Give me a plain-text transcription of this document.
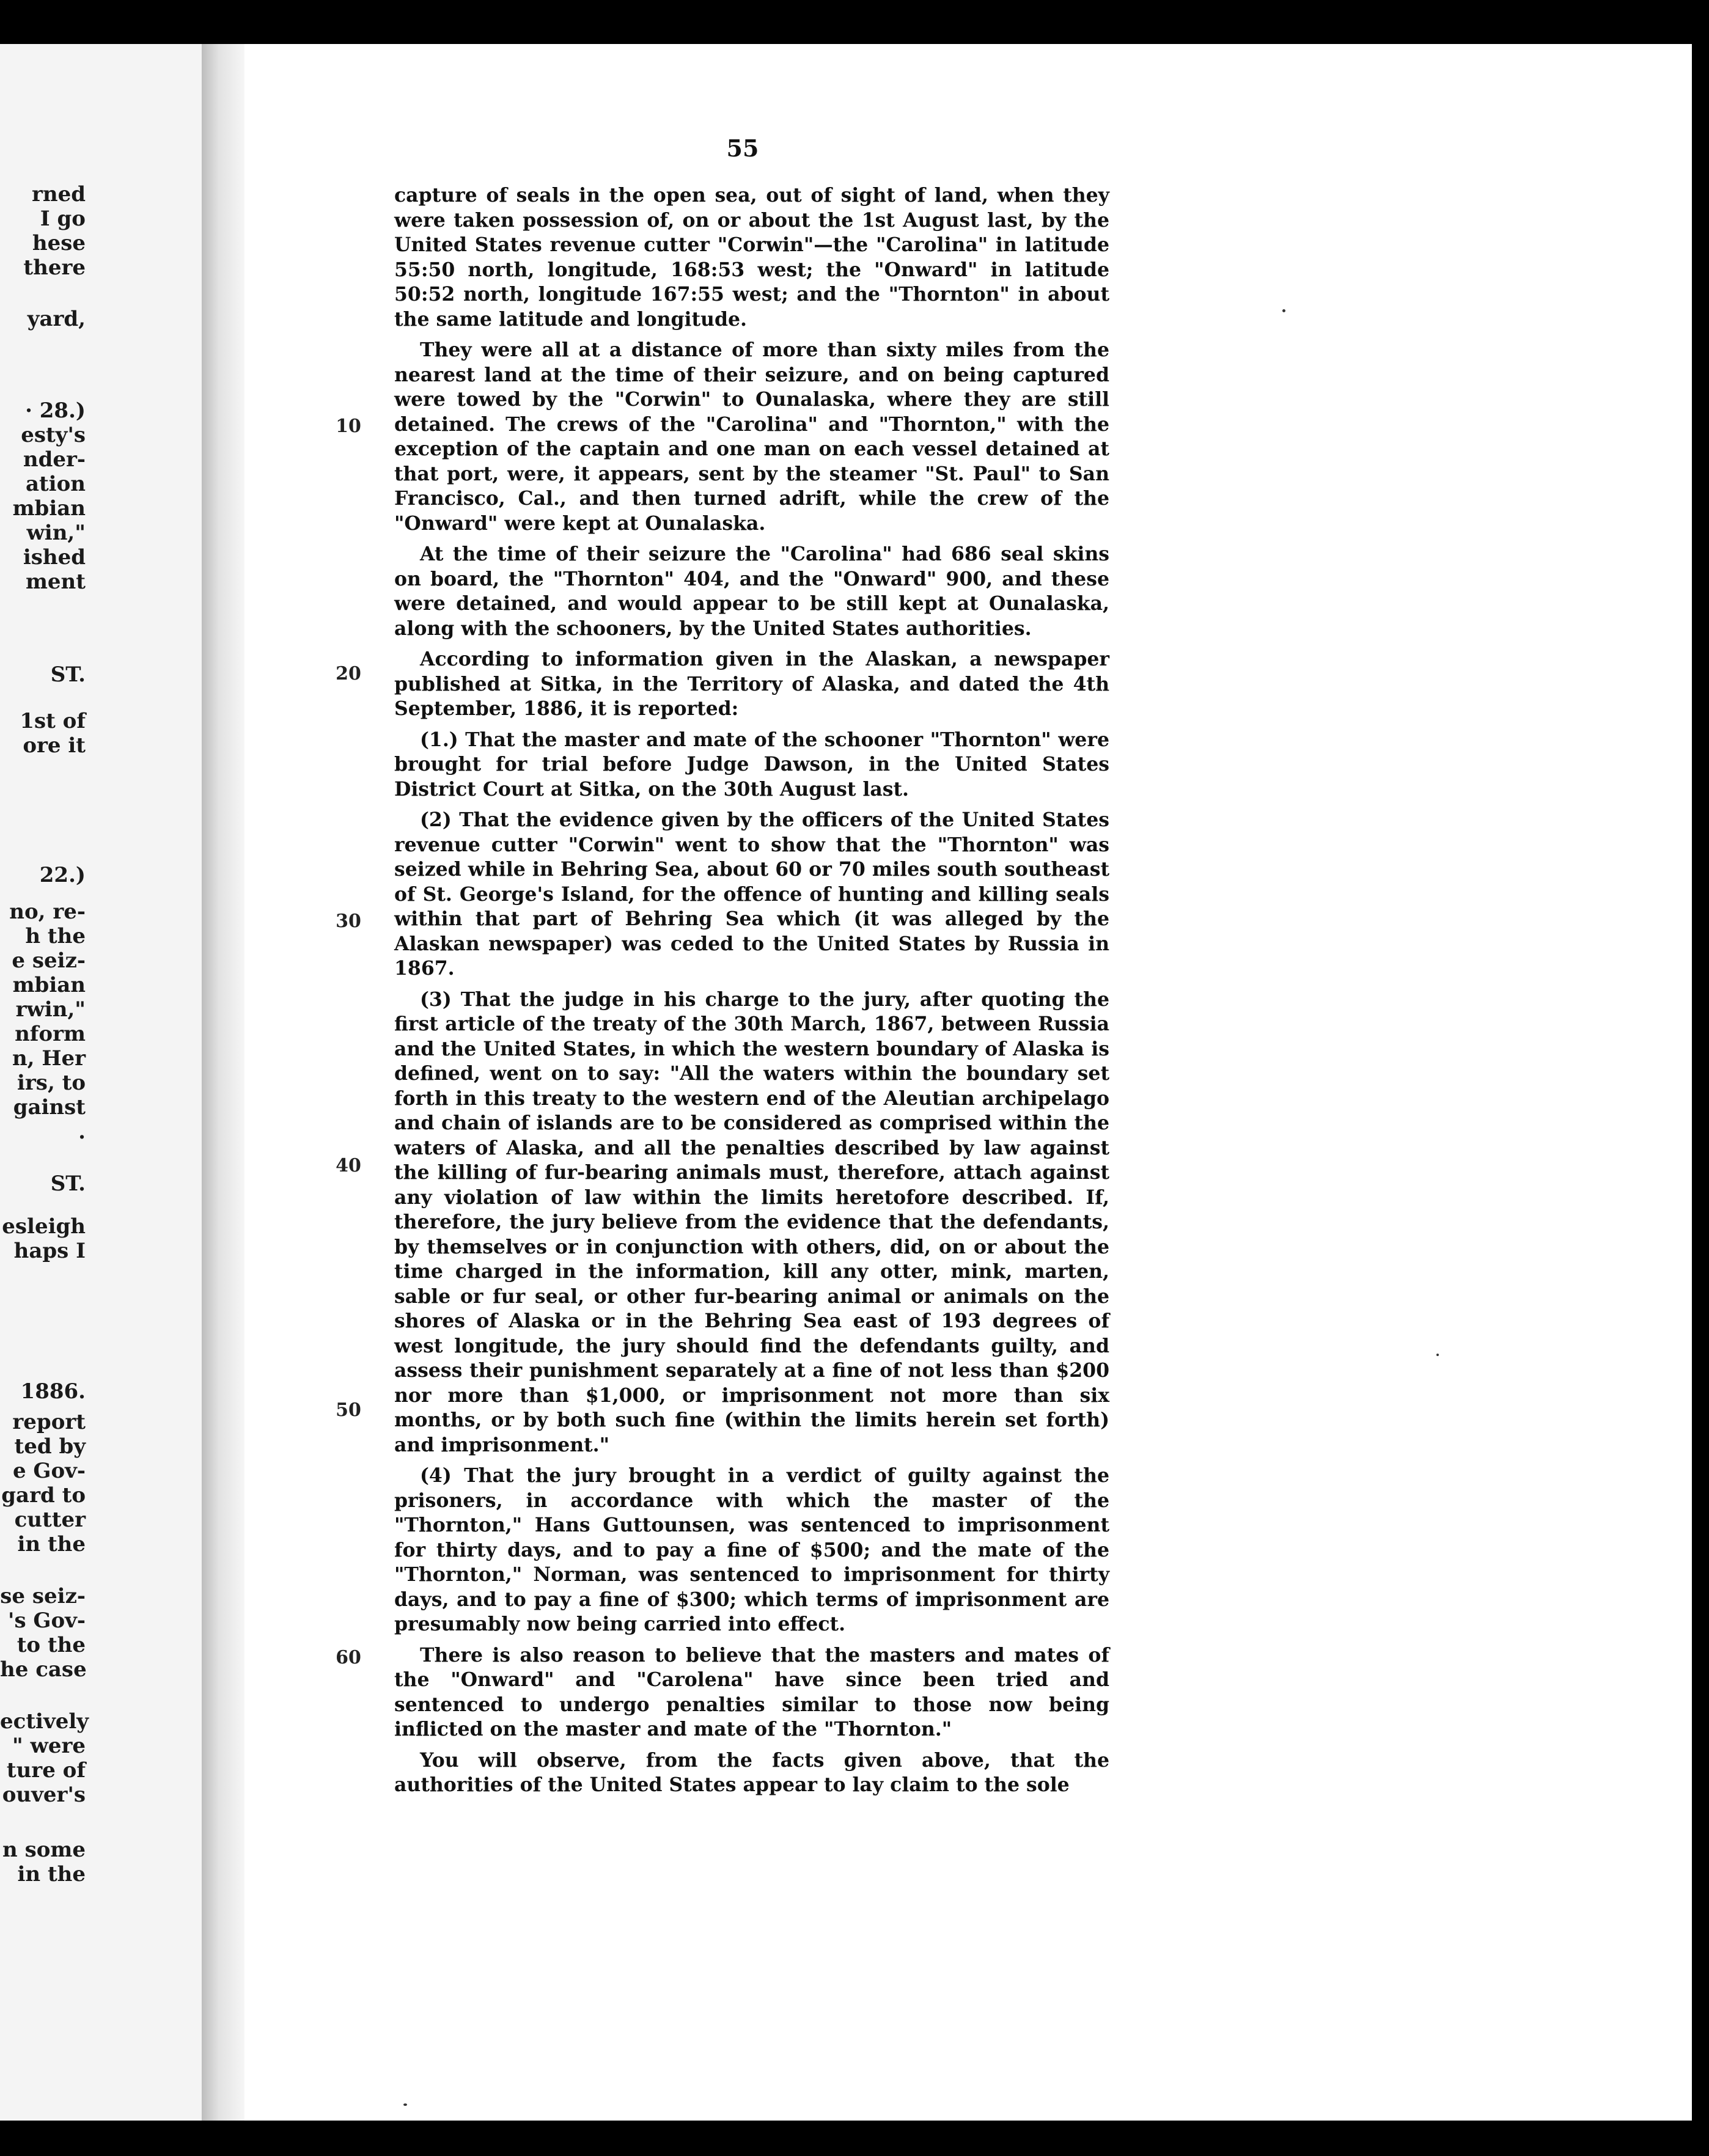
rned
I go
hese
there
yard,
· 28.)
esty's
nder-
ation
mbian
win,"
ished
ment
ST.
1st of
ore it
22.)
no, re-
h the
e seiz-
mbian
rwin,"
nform
n, Her
irs, to
gainst
.
ST.
esleigh
haps I
1886.
report
ted by
e Gov-
gard to
cutter
in the
se seiz-
's Gov-
to the
he case
ectively
" were
ture of
ouver's
n some
in the
55
10
20
30
40
50
60

capture of seals in the open sea, out of sight of land, when they were taken possession of, on or about the 1st August last, by the United States revenue cutter "Corwin"—the "Carolina" in latitude 55:50 north, longitude, 168:53 west; the "Onward" in latitude 50:52 north, longitude 167:55 west; and the "Thornton" in about the same latitude and longitude.

They were all at a distance of more than sixty miles from the nearest land at the time of their seizure, and on being captured were towed by the "Corwin" to Ounalaska, where they are still detained. The crews of the "Carolina" and "Thornton," with the exception of the captain and one man on each vessel detained at that port, were, it appears, sent by the steamer "St. Paul" to San Francisco, Cal., and then turned adrift, while the crew of the "Onward" were kept at Ounalaska.

At the time of their seizure the "Carolina" had 686 seal skins on board, the "Thornton" 404, and the "Onward" 900, and these were detained, and would appear to be still kept at Ounalaska, along with the schooners, by the United States authorities.

According to information given in the Alaskan, a newspaper published at Sitka, in the Territory of Alaska, and dated the 4th September, 1886, it is reported:

(1.) That the master and mate of the schooner "Thornton" were brought for trial before Judge Dawson, in the United States District Court at Sitka, on the 30th August last.

(2) That the evidence given by the officers of the United States revenue cutter "Corwin" went to show that the "Thornton" was seized while in Behring Sea, about 60 or 70 miles south southeast of St. George's Island, for the offence of hunting and killing seals within that part of Behring Sea which (it was alleged by the Alaskan newspaper) was ceded to the United States by Russia in 1867.

(3) That the judge in his charge to the jury, after quoting the first article of the treaty of the 30th March, 1867, between Russia and the United States, in which the western boundary of Alaska is defined, went on to say: "All the waters within the boundary set forth in this treaty to the western end of the Aleutian archipelago and chain of islands are to be considered as comprised within the waters of Alaska, and all the penalties described by law against the killing of fur-bearing animals must, therefore, attach against any violation of law within the limits heretofore described. If, therefore, the jury believe from the evidence that the defendants, by themselves or in conjunction with others, did, on or about the time charged in the information, kill any otter, mink, marten, sable or fur seal, or other fur-bearing animal or animals on the shores of Alaska or in the Behring Sea east of 193 degrees of west longitude, the jury should find the defendants guilty, and assess their punishment separately at a fine of not less than $200 nor more than $1,000, or imprisonment not more than six months, or by both such fine (within the limits herein set forth) and imprisonment."

(4) That the jury brought in a verdict of guilty against the prisoners, in accordance with which the master of the "Thornton," Hans Guttounsen, was sentenced to imprisonment for thirty days, and to pay a fine of $500; and the mate of the "Thornton," Norman, was sentenced to imprisonment for thirty days, and to pay a fine of $300; which terms of imprisonment are presumably now being carried into effect.

There is also reason to believe that the masters and mates of the "Onward" and "Carolena" have since been tried and sentenced to undergo penalties similar to those now being inflicted on the master and mate of the "Thornton."

You will observe, from the facts given above, that the authorities of the United States appear to lay claim to the sole
